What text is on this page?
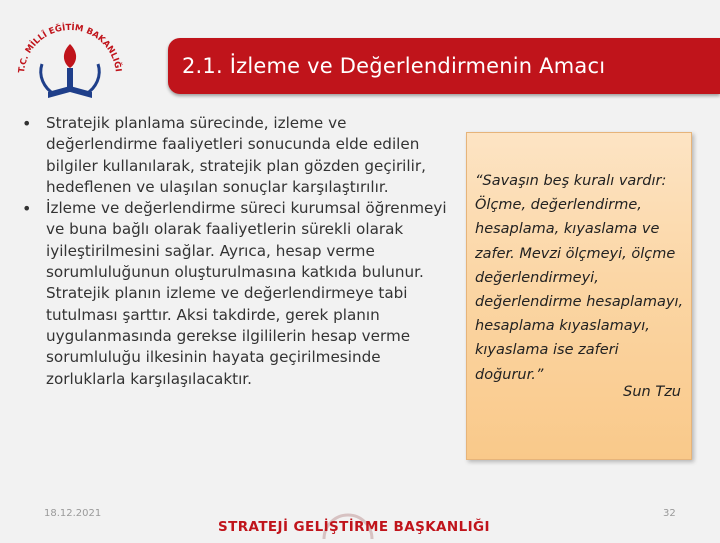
T.C. MİLLÎ EĞİTİM BAKANLIĞI	2.1. İzleme ve Değerlendirmenin Amacı
• Stratejik planlama sürecinde, izleme ve değerlendirme faaliyetleri sonucunda elde edilen bilgiler kullanılarak, stratejik plan gözden geçirilir, hedeflenen ve ulaşılan sonuçlar karşılaştırılır.
• İzleme ve değerlendirme süreci kurumsal öğrenmeyi ve buna bağlı olarak faaliyetlerin sürekli olarak iyileştirilmesini sağlar. Ayrıca, hesap verme sorumluluğunun oluşturulmasına katkıda bulunur. Stratejik planın izleme ve değerlendirmeye tabi tutulması şarttır. Aksi takdirde, gerek planın uygulanmasında gerekse ilgililerin hesap verme sorumluluğu ilkesinin hayata geçirilmesinde zorluklarla karşılaşılacaktır.
“Savaşın beş kuralı vardır: Ölçme, değerlendirme, hesaplama, kıyaslama ve zafer. Mevzi ölçmeyi, ölçme değerlendirmeyi, değerlendirme hesaplamayı, hesaplama kıyaslamayı, kıyaslama ise zaferi doğurur.”
Sun Tzu
18.12.2021
STRATEJİ GELİŞTİRME BAŞKANLIĞI
32
